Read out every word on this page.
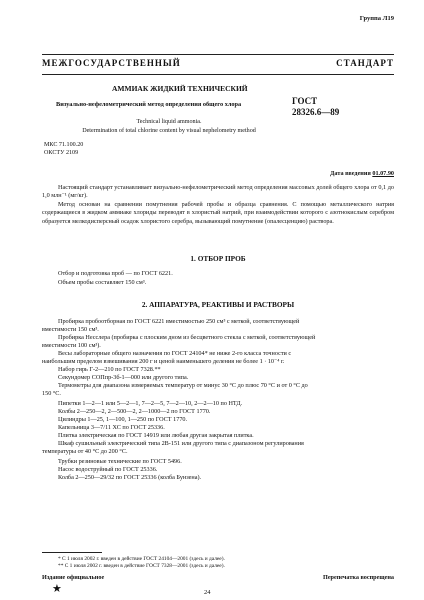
Группа Л19
МЕЖГОСУДАРСТВЕННЫЙ СТАНДАРТ
АММИАК ЖИДКИЙ ТЕХНИЧЕСКИЙ
Визуально-нефелометрический метод определения общего хлора	ГОСТ
28326.6—89
Technical liquid ammonia.
Determination of total chlorine content by visual nephelometry method
МКС 71.100.20
ОКСТУ 2109
Дата введения 01.07.90
Настоящий стандарт устанавливает визуально-нефелометрический метод определения массовых долей общего хлора от 0,1 до 1,0 млн⁻¹ (мг/кг).
Метод основан на сравнении помутнения рабочей пробы и образца сравнения. С помощью металлического натрия содержащиеся в жидком аммиаке хлориды переводят в хлористый натрий, при взаимодействии которого с азотнокислым серебром образуется мелкодисперсный осадок хлористого серебра, вызывающий помутнение (опалесценцию) раствора.
1. ОТБОР ПРОБ
Отбор и подготовка проб — по ГОСТ 6221.
Объем пробы составляет 150 см³.
2. АППАРАТУРА, РЕАКТИВЫ И РАСТВОРЫ
Пробирка пробоотборная по ГОСТ 6221 вместимостью 250 см³ с меткой, соответствующей
вместимости 150 см³.
Пробирка Несслера (пробирка с плоским дном из бесцветного стекла с меткой, соответствующей
вместимости 100 см³).
Весы лабораторные общего назначения по ГОСТ 24104* не ниже 2-го класса точности с
наибольшим пределом взвешивания 200 г и ценой наименьшего деления не более 1 · 10⁻⁴ г.
Набор гирь Г-2—210 по ГОСТ 7328.**
Секундомер СОПпр-3б-1—000 или другого типа.
Термометры для диапазона измеряемых температур от минус 30 °С до плюс 70 °С и от 0 °С до
150 °С.
Пипетки 1—2—1 или 5—2—1, 7—2—5, 7—2—10, 2—2—10 по НТД.
Колбы 2—250—2, 2—500—2, 2—1000—2 по ГОСТ 1770.
Цилиндры 1—25, 1—100, 1—250 по ГОСТ 1770.
Капельница 3—7/11 ХС по ГОСТ 25336.
Плитка электрическая по ГОСТ 14919 или любая другая закрытая плитка.
Шкаф сушильный электрический типа 2В-151 или другого типа с диапазоном регулирования
температуры от 40 °С до 200 °С.
Трубки резиновые технические по ГОСТ 5496.
Насос водоструйный по ГОСТ 25336.
Колба 2—250—29/32 по ГОСТ 25336 (колба Бунзена).
* С 1 июля 2002 г. введен в действие ГОСТ 24104—2001 (здесь и далее).
** С 1 июля 2002 г. введен в действие ГОСТ 7328—2001 (здесь и далее).
Издание официальное	Перепечатка воспрещена
★	24
